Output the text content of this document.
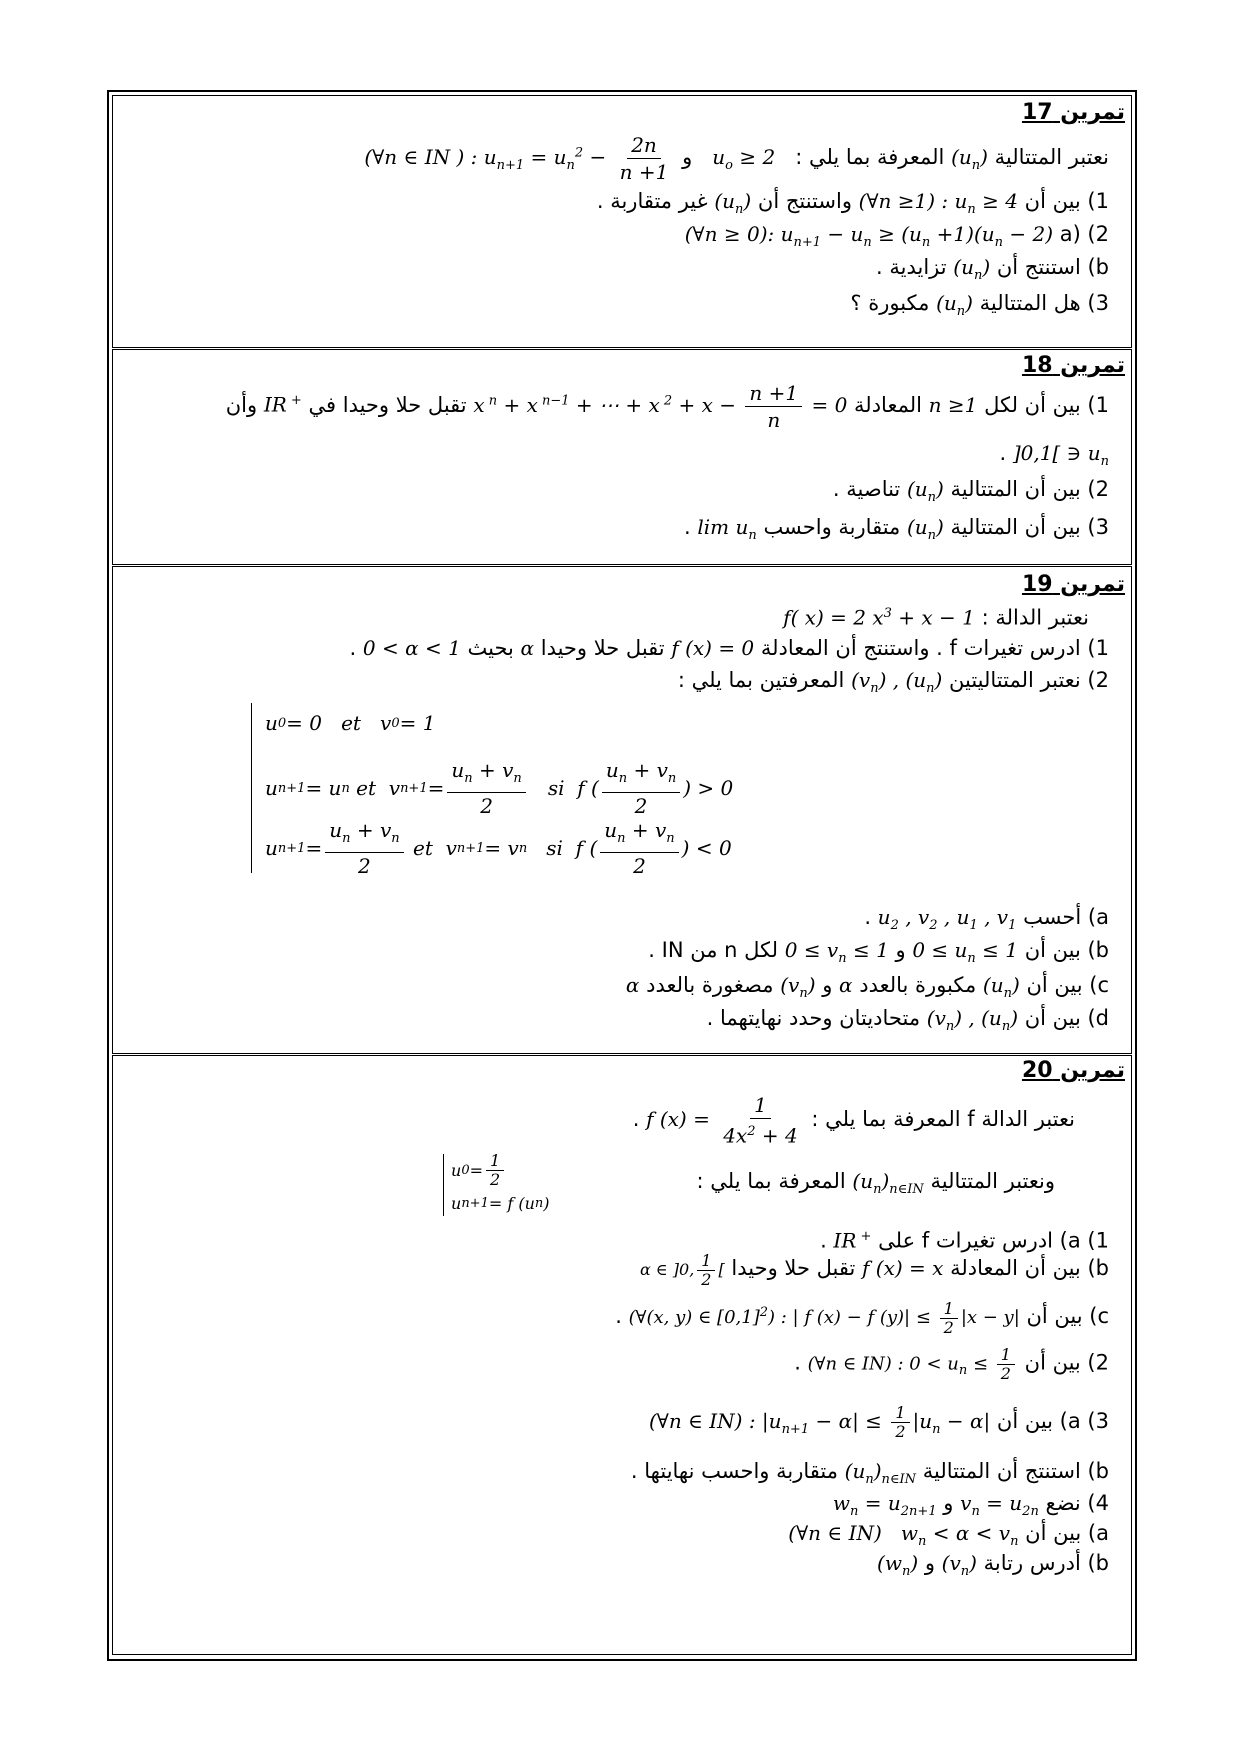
تمرين 17
نعتبر المتتالية $(u_n)$ المعرفة بما يلي :   $u_o \ge 2$   و (∀n ∈ IN ) : $u_{n+1} = u_n^2 - \frac{2n}{n +1}$
1) بين أن (∀n ≥1) : $u_n \ge 4$ واستنتج أن $(u_n)$ غير متقاربة .
2) (a (∀n ≥ 0): $u_{n+1} - u_n \ge (u_n +1)(u_n - 2)$
b) استنتج أن $(u_n)$ تزايدية .
3) هل المتتالية $(u_n)$ مكبورة ؟
تمرين 18
1) بين أن لكل n ≥1 المعادلة x $^n$ + x $^{n-1}$ + ⋯ + x $^2 + x - \frac{n +1}{n} = 0$ تقبل حلا وحيدا في IR + وأن
]0,1[ ∋ $u_n$ .
2) بين أن المتتالية $(u_n)$ تناصية .
3) بين أن المتتالية $(u_n)$ متقاربة واحسب $\lim u_n$ .
تمرين 19
نعتبر الدالة : f( x) = 2 $x^3 + x - 1$
1) ادرس تغيرات f . واستنتج أن المعادلة f (x) = 0 تقبل حلا وحيدا α بحيث 0 < α < 1 .
2) نعتبر المتتاليتين $(v_n)$ , $(u_n)$ المعرفتين بما يلي :
u 0 = 0 et v 0 = 1
u n+1 = u n
et v $n+1 = \frac{u_n + v_n}{2}$
si f ( $\frac{u_n + v_n}{2}$ ) > 0
u $n+1 = \frac{u_n + v_n}{2}$
et v n+1 = v n
si f ( $\frac{u_n + v_n}{2}$ ) < 0
a) أحسب $u_2$ , $v_2$ , $u_1$ , $v_1$ .
b) بين أن $0 \le u_n \le 1$ و $0 \le v_n \le 1$ لكل n من IN .
c) بين أن $(u_n)$ مكبورة بالعدد α و $(v_n)$ مصغورة بالعدد α
d) بين أن $(v_n)$ , $(u_n)$ متحاديتان وحدد نهايتهما .
تمرين 20
نعتبر الدالة f المعرفة بما يلي : f $(x) = \frac{1}{4x^2 + 4}$
.
ونعتبر المتتالية $(u_n)_{n\in IN}$ المعرفة بما يلي :
u $0 = \frac{1}{2}$
u n+1 = f (u n )
1) a) ادرس تغيرات f على IR + .
b) بين أن المعادلة f (x) = x تقبل حلا وحيدا α ∈ ]0, $\frac{1}{2}$ [
c) بين أن (∀(x, y) ∈ $[0,1]^2$) : | f (x) − f $(y)| \le \frac{1}{2} |x - y|$ .
2) بين أن (∀n ∈ IN) : $0 < u_n \le \frac{1}{2}$
.
3) a) بين أن (∀n ∈ IN) : $|u_{n+1} - \alpha| \le \frac{1}{2} |u_n - \alpha|$
b) استنتج أن المتتالية $(u_n)_{n\in IN}$ متقاربة واحسب نهايتها .
4) نضع $v_n = u_{2n}$ و $w_n = u_{2n+1}$
a) بين أن (∀n ∈ IN)   $w_n < \alpha < v_n$
b) أدرس رتابة $(v_n)$ و $(w_n)$
